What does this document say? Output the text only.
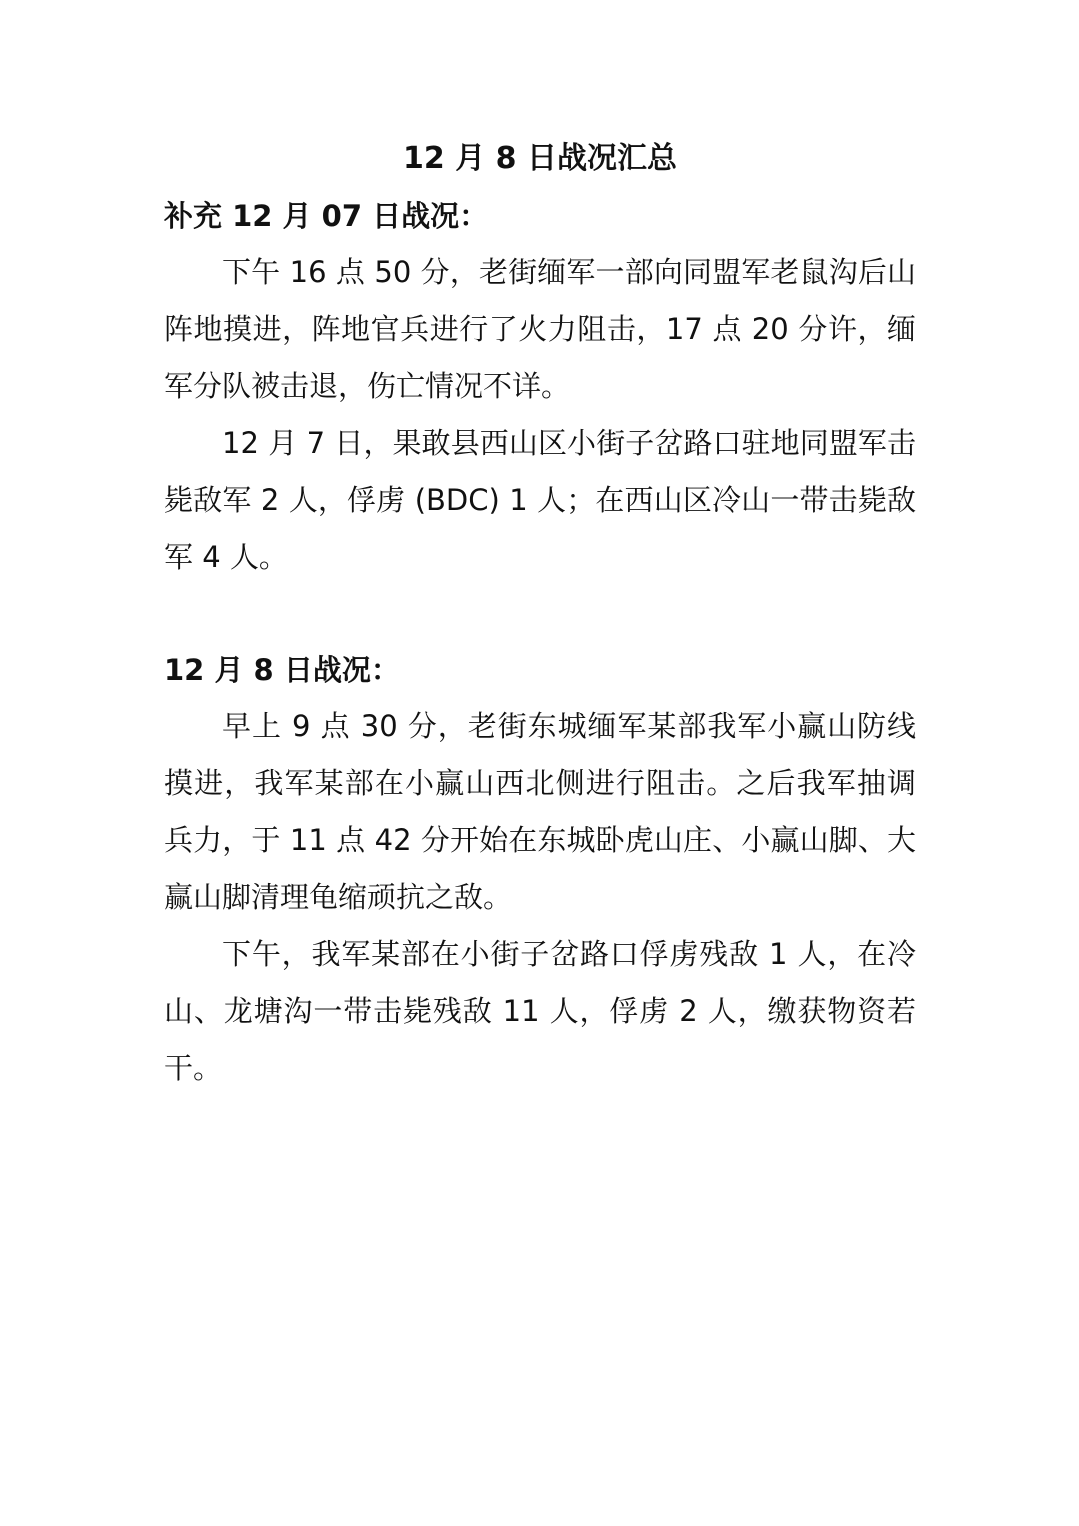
12 月 8 日战况汇总
补充 12 月 07 日战况：

下午 16 点 50 分，老街缅军一部向同盟军老鼠沟后山阵地摸进，阵地官兵进行了火力阻击，17 点 20 分许，缅军分队被击退，伤亡情况不详。

12 月 7 日，果敢县西山区小街子岔路口驻地同盟军击毙敌军 2 人，俘虏 (BDC) 1 人；在西山区冷山一带击毙敌军 4 人。

12 月 8 日战况：

早上 9 点 30 分，老街东城缅军某部我军小赢山防线摸进，我军某部在小赢山西北侧进行阻击。之后我军抽调兵力，于 11 点 42 分开始在东城卧虎山庄、小赢山脚、大赢山脚清理龟缩顽抗之敌。

下午，我军某部在小街子岔路口俘虏残敌 1 人，在冷山、龙塘沟一带击毙残敌 11 人，俘虏 2 人，缴获物资若干。
